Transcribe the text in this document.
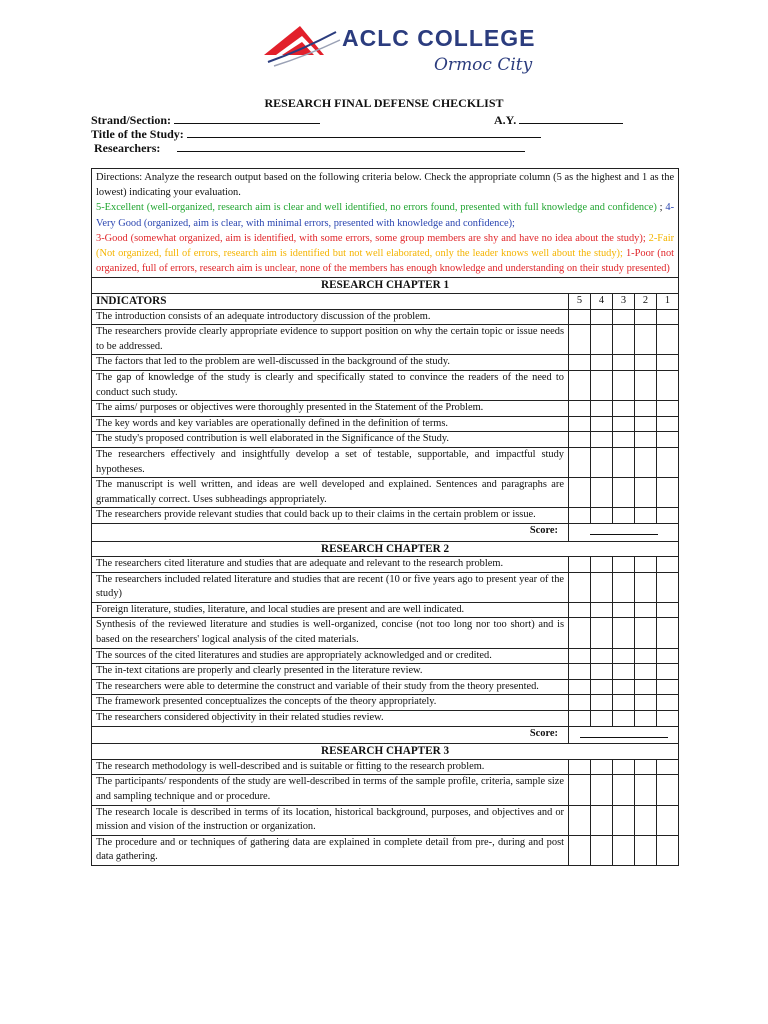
ACLC COLLEGE
Ormoc City
RESEARCH FINAL DEFENSE CHECKLIST
Strand/Section:	A.Y.
Title of the Study:
Researchers:
Directions: Analyze the research output based on the following criteria below. Check the appropriate column (5 as the highest and 1 as the lowest) indicating your evaluation.
5-Excellent (well-organized, research aim is clear and well identified, no errors found, presented with full knowledge and confidence) ; 4-Very Good (organized, aim is clear, with minimal errors, presented with knowledge and confidence);
3-Good (somewhat organized, aim is identified, with some errors, some group members are shy and have no idea about the study); 2-Fair (Not organized, full of errors, research aim is identified but not well elaborated, only the leader knows well about the study); 1-Poor (not organized, full of errors, research aim is unclear, none of the members has enough knowledge and understanding on their study presented)					
RESEARCH CHAPTER 1					
INDICATORS	5	4	3	2	1
The introduction consists of an adequate introductory discussion of the problem.					
The researchers provide clearly appropriate evidence to support position on why the certain topic or issue needs to be addressed.					
The factors that led to the problem are well-discussed in the background of the study.					
The gap of knowledge of the study is clearly and specifically stated to convince the readers of the need to conduct such study.					
The aims/ purposes or objectives were thoroughly presented in the Statement of the Problem.					
The key words and key variables are operationally defined in the definition of terms.					
The study's proposed contribution is well elaborated in the Significance of the Study.					
The researchers effectively and insightfully develop a set of testable, supportable, and impactful study hypotheses.					
The manuscript is well written, and ideas are well developed and explained. Sentences and paragraphs are grammatically correct. Uses subheadings appropriately.					
The researchers provide relevant studies that could back up to their claims in the certain problem or issue.					
Score:					
RESEARCH CHAPTER 2					
The researchers cited literature and studies that are adequate and relevant to the research problem.					
The researchers included related literature and studies that are recent (10 or five years ago to present year of the study)					
Foreign literature, studies, literature, and local studies are present and are well indicated.					
Synthesis of the reviewed literature and studies is well-organized, concise (not too long nor too short) and is based on the researchers' logical analysis of the cited materials.					
The sources of the cited literatures and studies are appropriately acknowledged and or credited.					
The in-text citations are properly and clearly presented in the literature review.					
The researchers were able to determine the construct and variable of their study from the theory presented.					
The framework presented conceptualizes the concepts of the theory appropriately.					
The researchers considered objectivity in their related studies review.					
Score:					
RESEARCH CHAPTER 3					
The research methodology is well-described and is suitable or fitting to the research problem.					
The participants/ respondents of the study are well-described in terms of the sample profile, criteria, sample size and sampling technique and or procedure.					
The research locale is described in terms of its location, historical background, purposes, and objectives and or mission and vision of the instruction or organization.					
The procedure and or techniques of gathering data are explained in complete detail from pre-, during and post data gathering.					
